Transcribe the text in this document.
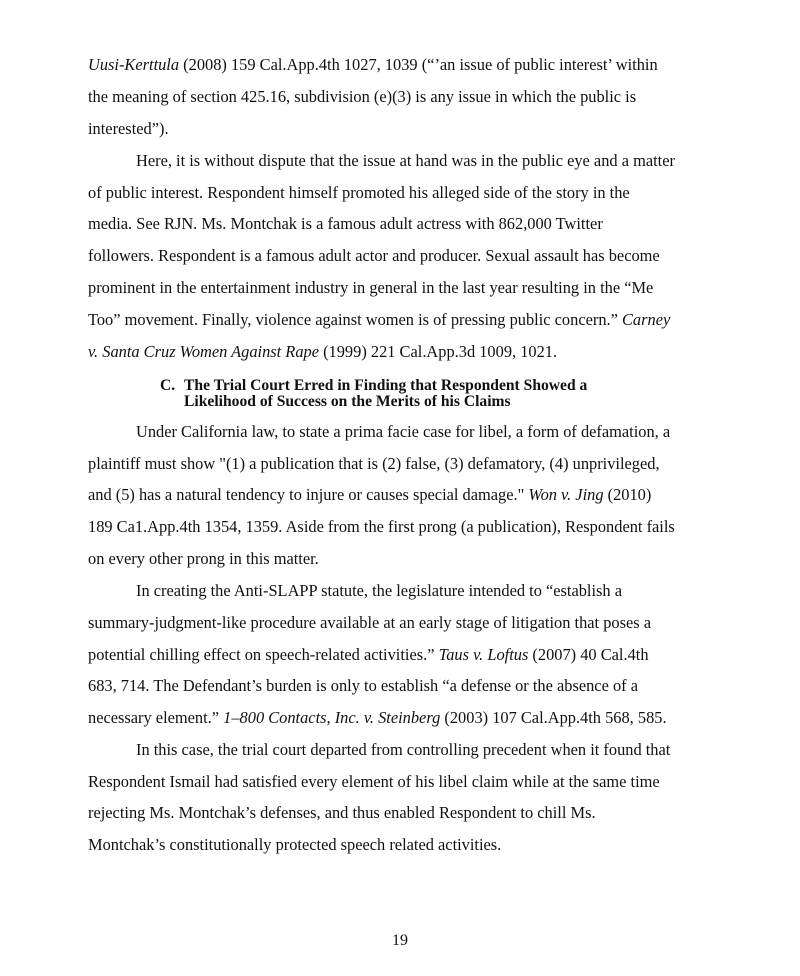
Uusi-Kerttula (2008) 159 Cal.App.4th 1027, 1039 (“’an issue of public interest’ within
the meaning of section 425.16, subdivision (e)(3) is any issue in which the public is
interested”).
Here, it is without dispute that the issue at hand was in the public eye and a matter
of public interest. Respondent himself promoted his alleged side of the story in the
media. See RJN. Ms. Montchak is a famous adult actress with 862,000 Twitter
followers. Respondent is a famous adult actor and producer. Sexual assault has become
prominent in the entertainment industry in general in the last year resulting in the “Me
Too” movement. Finally, violence against women is of pressing public concern.” Carney
v. Santa Cruz Women Against Rape (1999) 221 Cal.App.3d 1009, 1021.
C. The Trial Court Erred in Finding that Respondent Showed a
Likelihood of Success on the Merits of his Claims
Under California law, to state a prima facie case for libel, a form of defamation, a
plaintiff must show "(1) a publication that is (2) false, (3) defamatory, (4) unprivileged,
and (5) has a natural tendency to injure or causes special damage." Won v. Jing (2010)
189 Ca1.App.4th 1354, 1359. Aside from the first prong (a publication), Respondent fails
on every other prong in this matter.
In creating the Anti-SLAPP statute, the legislature intended to “establish a
summary-judgment-like procedure available at an early stage of litigation that poses a
potential chilling effect on speech-related activities.” Taus v. Loftus (2007) 40 Cal.4th
683, 714. The Defendant’s burden is only to establish “a defense or the absence of a
necessary element.” 1–800 Contacts, Inc. v. Steinberg (2003) 107 Cal.App.4th 568, 585.
In this case, the trial court departed from controlling precedent when it found that
Respondent Ismail had satisfied every element of his libel claim while at the same time
rejecting Ms. Montchak’s defenses, and thus enabled Respondent to chill Ms.
Montchak’s constitutionally protected speech related activities.
19
